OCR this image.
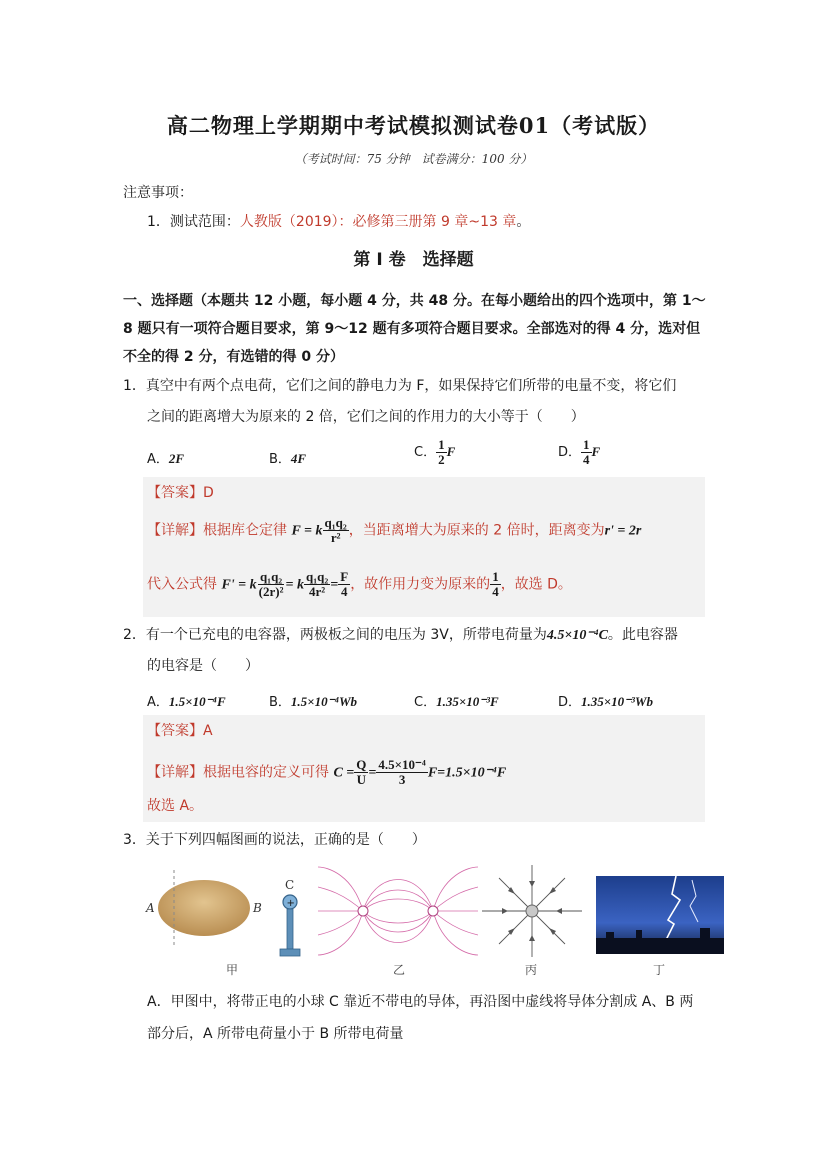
高二物理上学期期中考试模拟测试卷01（考试版）
（考试时间：75 分钟　试卷满分：100 分）
注意事项：
1．测试范围：人教版（2019）：必修第三册第 9 章~13 章。
第 I 卷　选择题
一、选择题（本题共 12 小题，每小题 4 分，共 48 分。在每小题给出的四个选项中，第 1～
8 题只有一项符合题目要求，第 9～12 题有多项符合题目要求。全部选对的得 4 分，选对但
不全的得 2 分，有选错的得 0 分）
1．真空中有两个点电荷，它们之间的静电力为 F，如果保持它们所带的电量不变，将它们
之间的距离增大为原来的 2 倍，它们之间的作用力的大小等于（　　）
A．2F	B．4F	C． $\frac{1}{2}$ F	D． $\frac{1}{4}$ F
【答案】D
【详解】根据库仑定律 F = k $\frac{\text{q₁q₂}}{\text{r²}}$ ，当距离增大为原来的 2 倍时，距离变为r' = 2r
代入公式得 F' = k $\frac{\text{q₁q₂}}{\text{(2r)²}} = k \frac{\text{q₁q₂}}{\text{4r²}} = \frac{F}{4}$ ，故作用力变为原来的 $\frac{1}{4}$ ，故选 D。
2．有一个已充电的电容器，两极板之间的电压为 3V，所带电荷量为4.5×10⁻⁴C。此电容器
的电容是（　　）
A．1.5×10⁻⁴F	B．1.5×10⁻⁴Wb	C．1.35×10⁻³F	D．1.35×10⁻³Wb
【答案】A
【详解】根据电容的定义可得 $C = \frac{Q}{U} = \frac{\text{4.5×10⁻⁴}}{3} F=1.5\times 10^{-4}F$
故选 A。
3．关于下列四幅图画的说法，正确的是（　　）
A	B
C
+
甲	乙	丙	丁
A．甲图中，将带正电的小球 C 靠近不带电的导体，再沿图中虚线将导体分割成 A、B 两
部分后，A 所带电荷量小于 B 所带电荷量
